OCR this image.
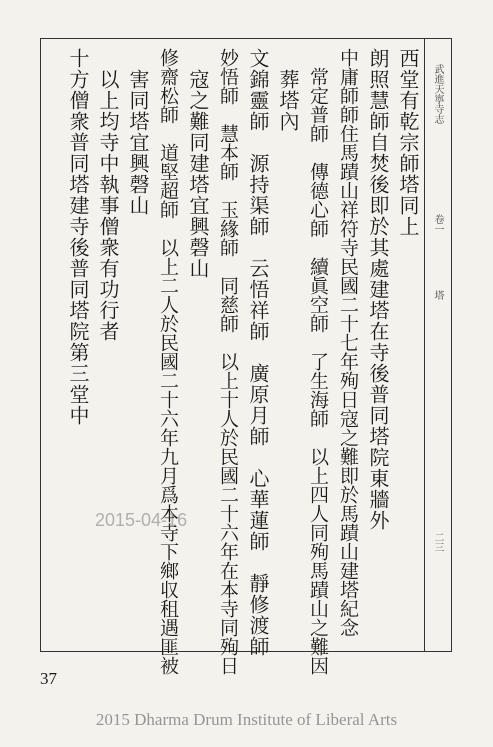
武進天寧寺志
卷一
塔
二三
西堂有乾宗師塔同上
朗照慧師自焚後即於其處建塔在寺後普同塔院東牆外
中庸師師住馬蹟山祥符寺民國二十七年殉日寇之難即於馬蹟山建塔紀念
　常定普師　傳德心師　續眞空師　了生海師　以上四人同殉馬蹟山之難因
　葬塔內
文錦靈師　源持渠師　云悟祥師　廣原月師　心華蓮師　靜修渡師
妙悟師　慧本師　玉緣師　同慈師　以上十人於民國二十六年在本寺同殉日
　寇之難同建塔宜興磬山
修齋松師　道堅超師　以上二人於民國二十六年九月爲本寺下鄉収租遇匪被
　害同塔宜興磬山
　以上均寺中執事僧衆有功行者
十方僧衆普同塔建寺後普同塔院第三堂中
2015-04-16
37
2015 Dharma Drum Institute of Liberal Arts
